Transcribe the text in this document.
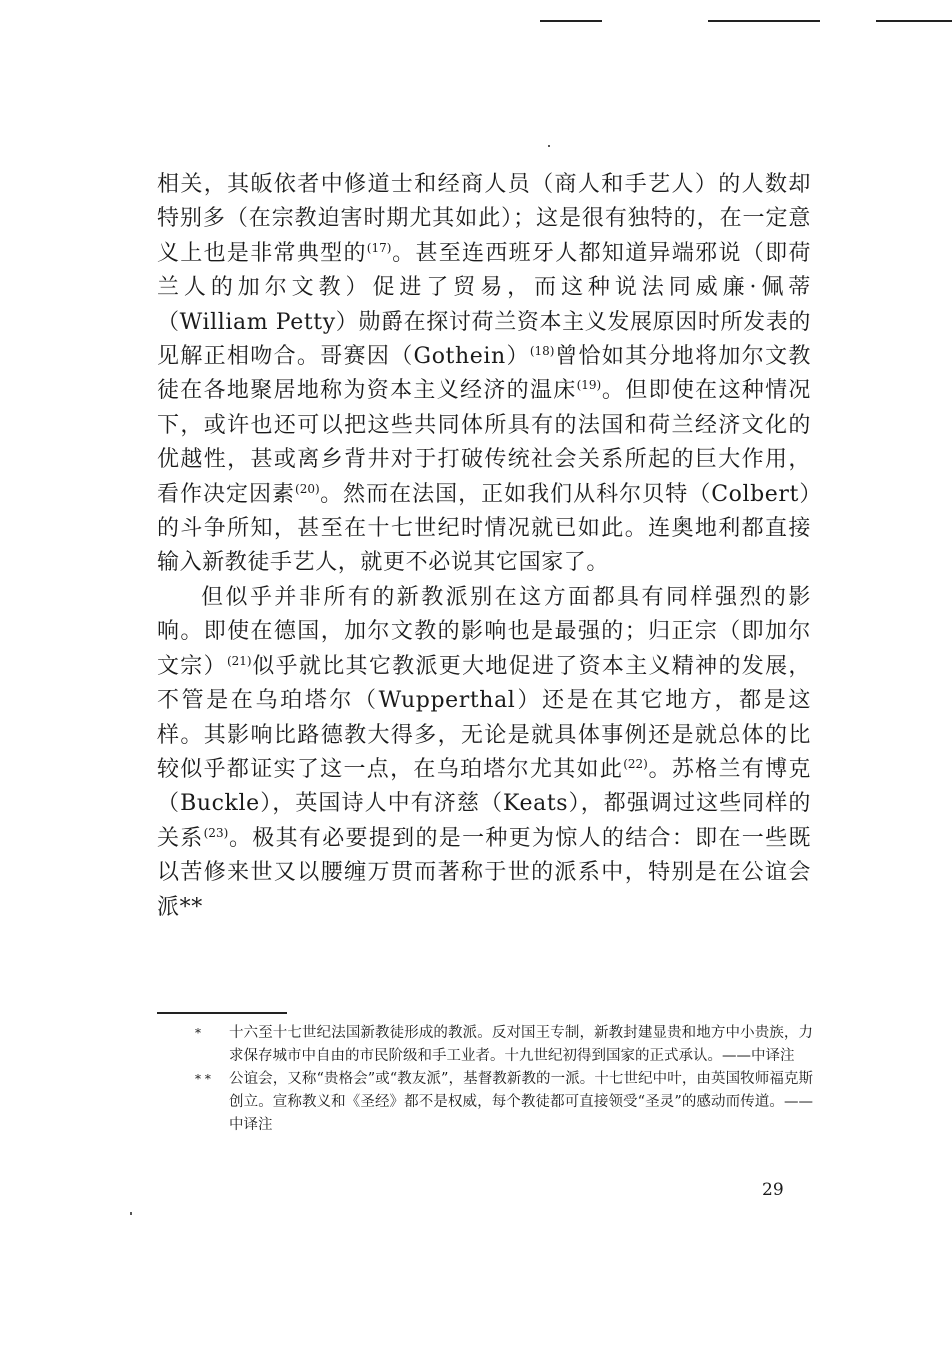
相关，其皈依者中修道士和经商人员（商人和手艺人）的人数却特别多（在宗教迫害时期尤其如此）；这是很有独特的，在一定意义上也是非常典型的$^{(17)}$。甚至连西班牙人都知道异端邪说（即荷兰人的加尔文教）促进了贸易，而这种说法同威廉·佩蒂（William Petty）勋爵在探讨荷兰资本主义发展原因时所发表的见解正相吻合。哥赛因（Gothein）$^{(18)}$曾恰如其分地将加尔文教徒在各地聚居地称为资本主义经济的温床$^{(19)}$。但即使在这种情况下，或许也还可以把这些共同体所具有的法国和荷兰经济文化的优越性，甚或离乡背井对于打破传统社会关系所起的巨大作用，看作决定因素$^{(20)}$。然而在法国，正如我们从科尔贝特（Colbert）的斗争所知，甚至在十七世纪时情况就已如此。连奥地利都直接输入新教徒手艺人，就更不必说其它国家了。

但似乎并非所有的新教派别在这方面都具有同样强烈的影响。即使在德国，加尔文教的影响也是最强的；归正宗（即加尔文宗）$^{(21)}$似乎就比其它教派更大地促进了资本主义精神的发展，不管是在乌珀塔尔（Wupperthal）还是在其它地方，都是这样。其影响比路德教大得多，无论是就具体事例还是就总体的比较似乎都证实了这一点，在乌珀塔尔尤其如此$^{(22)}$。苏格兰有博克（Buckle），英国诗人中有济慈（Keats），都强调过这些同样的关系$^{(23)}$。极其有必要提到的是一种更为惊人的结合：即在一些既以苦修来世又以腰缠万贯而著称于世的派系中，特别是在公谊会派**

* 十六至十七世纪法国新教徒形成的教派。反对国王专制，新教封建显贵和地方中小贵族，力求保存城市中自由的市民阶级和手工业者。十九世纪初得到国家的正式承认。——中译注
* * 公谊会，又称“贵格会”或“教友派”，基督教新教的一派。十七世纪中叶，由英国牧师福克斯创立。宣称教义和《圣经》都不是权威，每个教徒都可直接领受“圣灵”的感动而传道。——中译注
29
